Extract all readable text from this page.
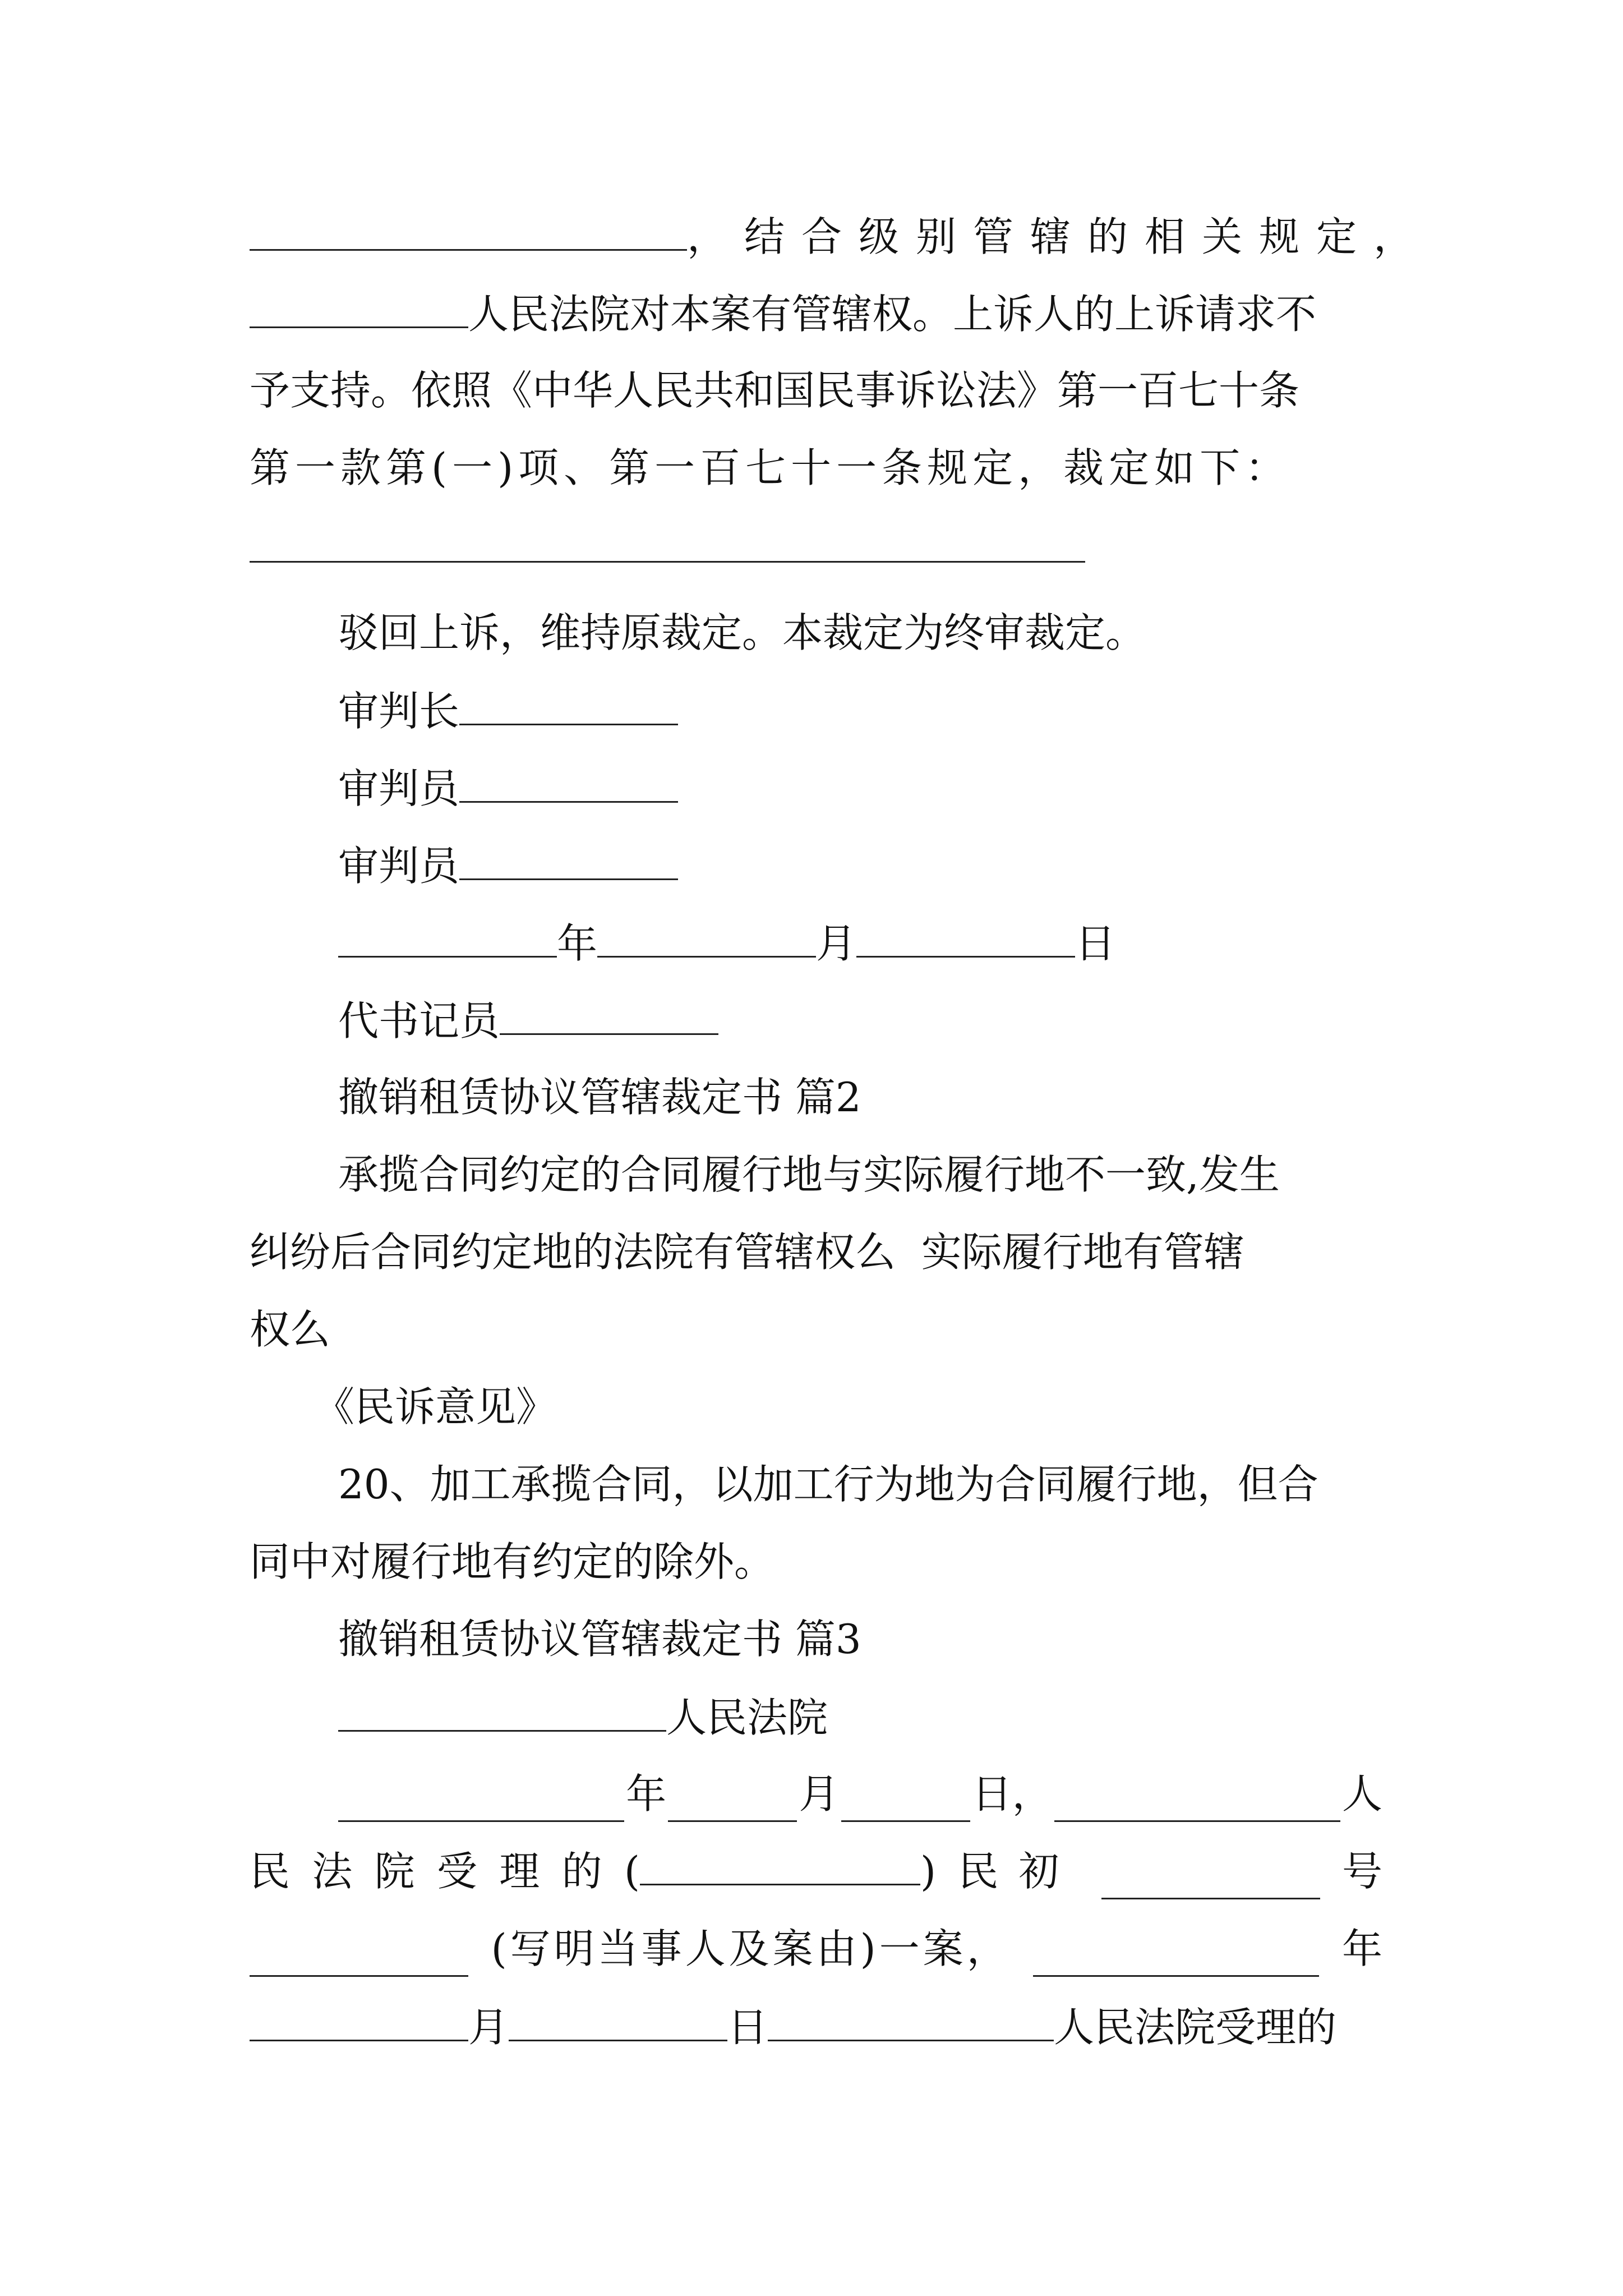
，结合级别管辖的相关规定，
人民法院对本案有管辖权。上诉人的上诉请求不
予支持。依照《中华人民共和国民事诉讼法》第一百七十条
第一款第(一)项、第一百七十一条规定，裁定如下：
驳回上诉，维持原裁定。本裁定为终审裁定。
审判长
审判员
审判员
年	月	日
代书记员
撤销租赁协议管辖裁定书 篇2
承揽合同约定的合同履行地与实际履行地不一致,发生
纠纷后合同约定地的法院有管辖权么  实际履行地有管辖
权么
《民诉意见》
20、加工承揽合同，以加工行为地为合同履行地，但合
同中对履行地有约定的除外。
撤销租赁协议管辖裁定书 篇3
人民法院
年	月	日，	人
民 法 院 受 理 的 (	) 民初	号
(写明当事人及案由)一案，	年
月	日	人民法院受理的
